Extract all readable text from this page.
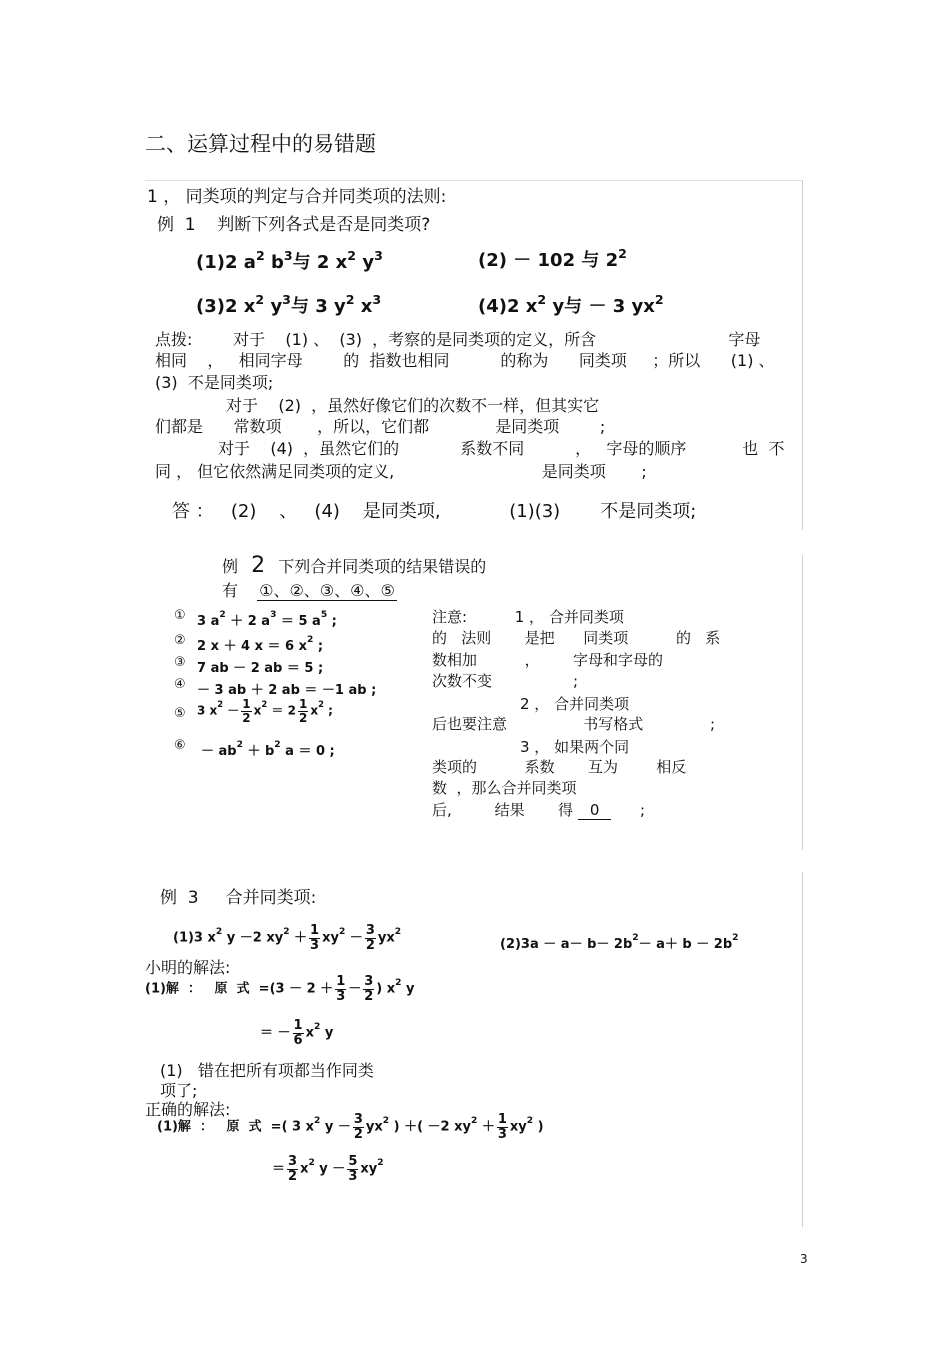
二、运算过程中的易错题
1 ， 同类项的判定与合并同类项的法则:
例  1    判断下列各式是否是同类项?
(1)2 $a^2$ $b^3$与 2 $x^2$ $y^3$	(2) － 102 与 $2^2$
(3)2 $x^2$ $y^3$与 3 $y^2$ $x^3$	(4)2 $x^2$ y与 － 3 $yx^2$
点拨:        对于    (1) 、  (3)  ，考察的是同类项的定义，所含                          字母
相同    ，   相同字母        的  指数也相同          的称为      同类项     ；所以      (1) 、
(3)  不是同类项;
对于    (2)  ，虽然好像它们的次数不一样，但其实它
们都是      常数项       ，所以，它们都             是同类项        ;
对于    (4)  ，虽然它们的            系数不同          ，   字母的顺序           也  不
同 ， 但它依然满足同类项的定义,                             是同类项       ;
答 ：   (2)    、   (4)    是同类项,            (1)(3)       不是同类项;
例 2 下列合并同类项的结果错误的
有 ①、②、③、④、⑤
① 3 $a^2 + 2$ $a^3 = 5$ $a^5$ ;
② 2 x ＋ 4 x ＝ 6 $x^2$ ;
③ 7 ab － 2 ab ＝ 5 ;
④ － 3 ab ＋ 2 ab ＝ －1 ab ;
⑤ 3 $x^2 - \frac{1}{2} x^2 = 2 \frac{1}{2} x^2$ ;
⑥ － $ab^2 + b^2$ a ＝ 0 ;
注意:          1 ， 合并同类项
的   法则       是把      同类项          的   系
数相加          ，       字母和字母的
次数不变                 ;
2 ， 合并同类项
后也要注意                书写格式              ;
3 ， 如果两个同
类项的          系数       互为        相反
数  ，那么合并同类项
后,         结果       得 0	;
例  3     合并同类项:
(1)3 $x^2$ y －2 $xy^2 + \frac{1}{3} xy^2 - \frac{3}{2} yx^2$
$(2)3a - a- b- 2b^2- a+ b - 2b^2$
小明的解法:
(1)解  ：   原  式  $=(3 - 2 + \frac{1}{3} - \frac{3}{2}$ ) $x^2$ y
＝ － $\frac{1}{6} x^2$ y
(1)   错在把所有项都当作同类
项了;
正确的解法:
(1)解  ：   原  式  =( 3 $x^2$ $y - \frac{3}{2} yx^2$ ) ＋( －2 $xy^2 + \frac{1}{3} xy^2$ )
＝ $\frac{3}{2} x^2$ $y - \frac{5}{3} xy^2$
3
